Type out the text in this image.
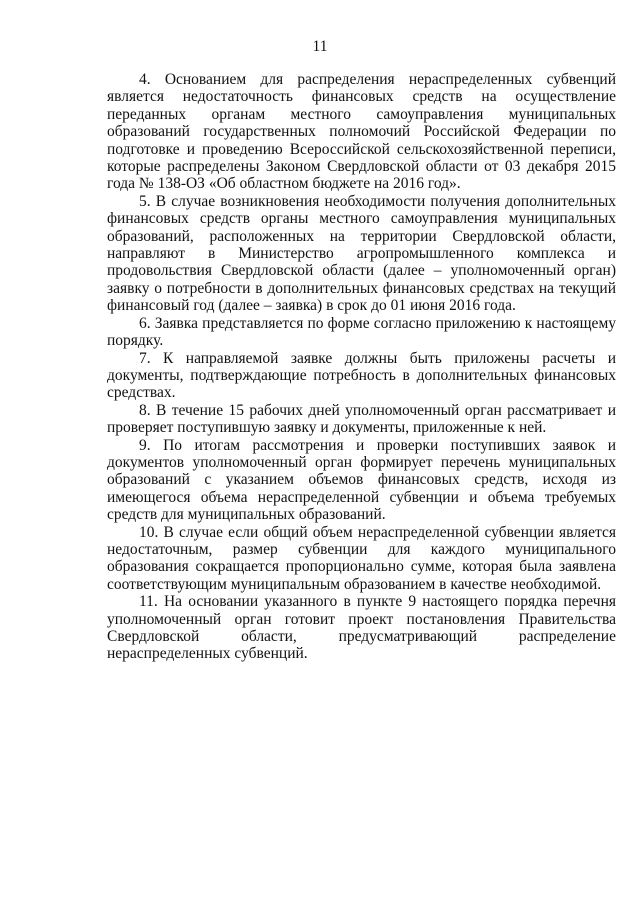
11

4. Основанием для распределения нераспределенных субвенций является недостаточность финансовых средств на осуществление переданных органам местного самоуправления муниципальных образований государственных полномочий Российской Федерации по подготовке и проведению Всероссийской сельскохозяйственной переписи, которые распределены Законом Свердловской области от 03 декабря 2015 года № 138-ОЗ «Об областном бюджете на 2016 год».

5. В случае возникновения необходимости получения дополнительных финансовых средств органы местного самоуправления муниципальных образований, расположенных на территории Свердловской области, направляют в Министерство агропромышленного комплекса и продовольствия Свердловской области (далее – уполномоченный орган) заявку о потребности в дополнительных финансовых средствах на текущий финансовый год (далее – заявка) в срок до 01 июня 2016 года.

6. Заявка представляется по форме согласно приложению к настоящему порядку.

7. К направляемой заявке должны быть приложены расчеты и документы, подтверждающие потребность в дополнительных финансовых средствах.

8. В течение 15 рабочих дней уполномоченный орган рассматривает и проверяет поступившую заявку и документы, приложенные к ней.

9. По итогам рассмотрения и проверки поступивших заявок и документов уполномоченный орган формирует перечень муниципальных образований с указанием объемов финансовых средств, исходя из имеющегося объема нераспределенной субвенции и объема требуемых средств для муниципальных образований.

10. В случае если общий объем нераспределенной субвенции является недостаточным, размер субвенции для каждого муниципального образования сокращается пропорционально сумме, которая была заявлена соответствующим муниципальным образованием в качестве необходимой.

11. На основании указанного в пункте 9 настоящего порядка перечня уполномоченный орган готовит проект постановления Правительства Свердловской области, предусматривающий распределение нераспределенных субвенций.
